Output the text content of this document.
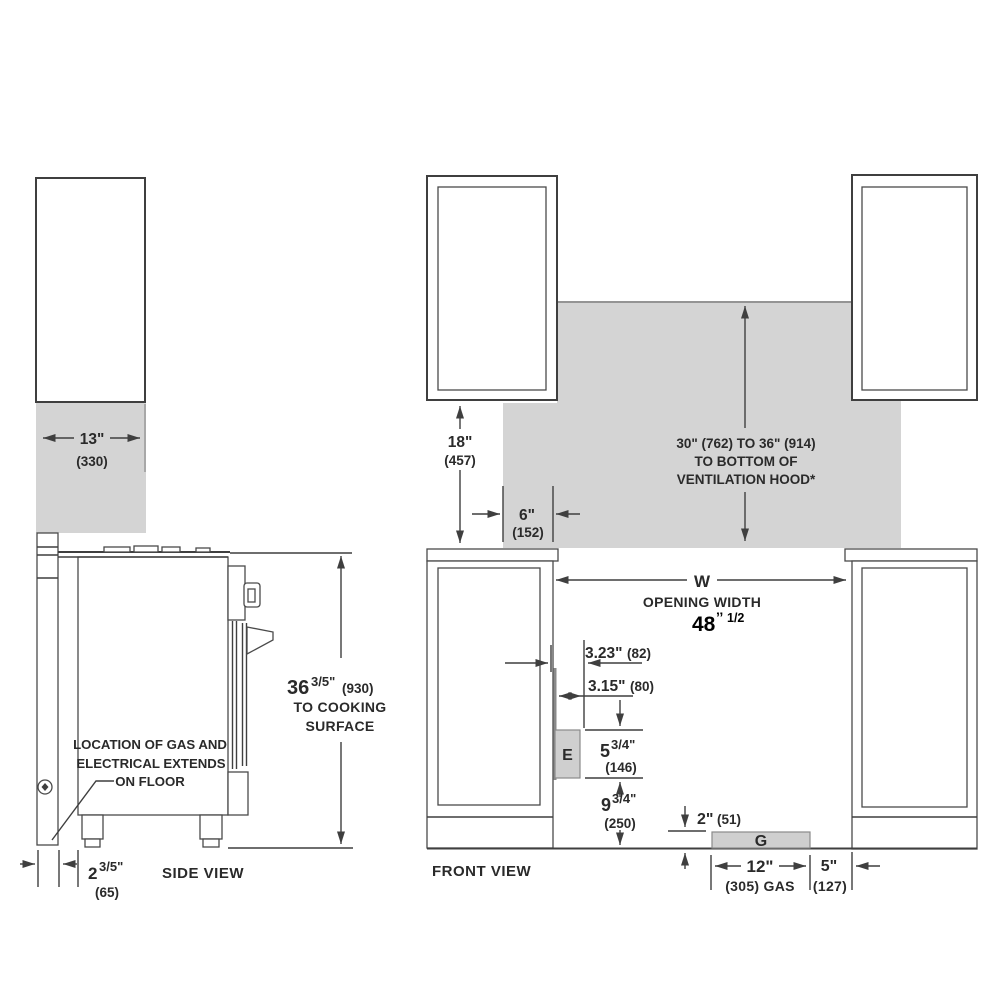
13"
(330)
36 3/5" (930)
TO COOKING
SURFACE
LOCATION OF GAS AND
ELECTRICAL EXTENDS
ON FLOOR
2 3/5"
(65)
SIDE VIEW
18"
(457)
30" (762) TO 36" (914)
TO BOTTOM OF
VENTILATION HOOD*
6"
(152)
W
OPENING WIDTH
48 ’’ 1/2
3.23" (82)
3.15" (80)
E 5 3/4"
(146)
9 3/4"
(250)
G
2" (51)
12"
(305) GAS
5"
(127)
FRONT VIEW
